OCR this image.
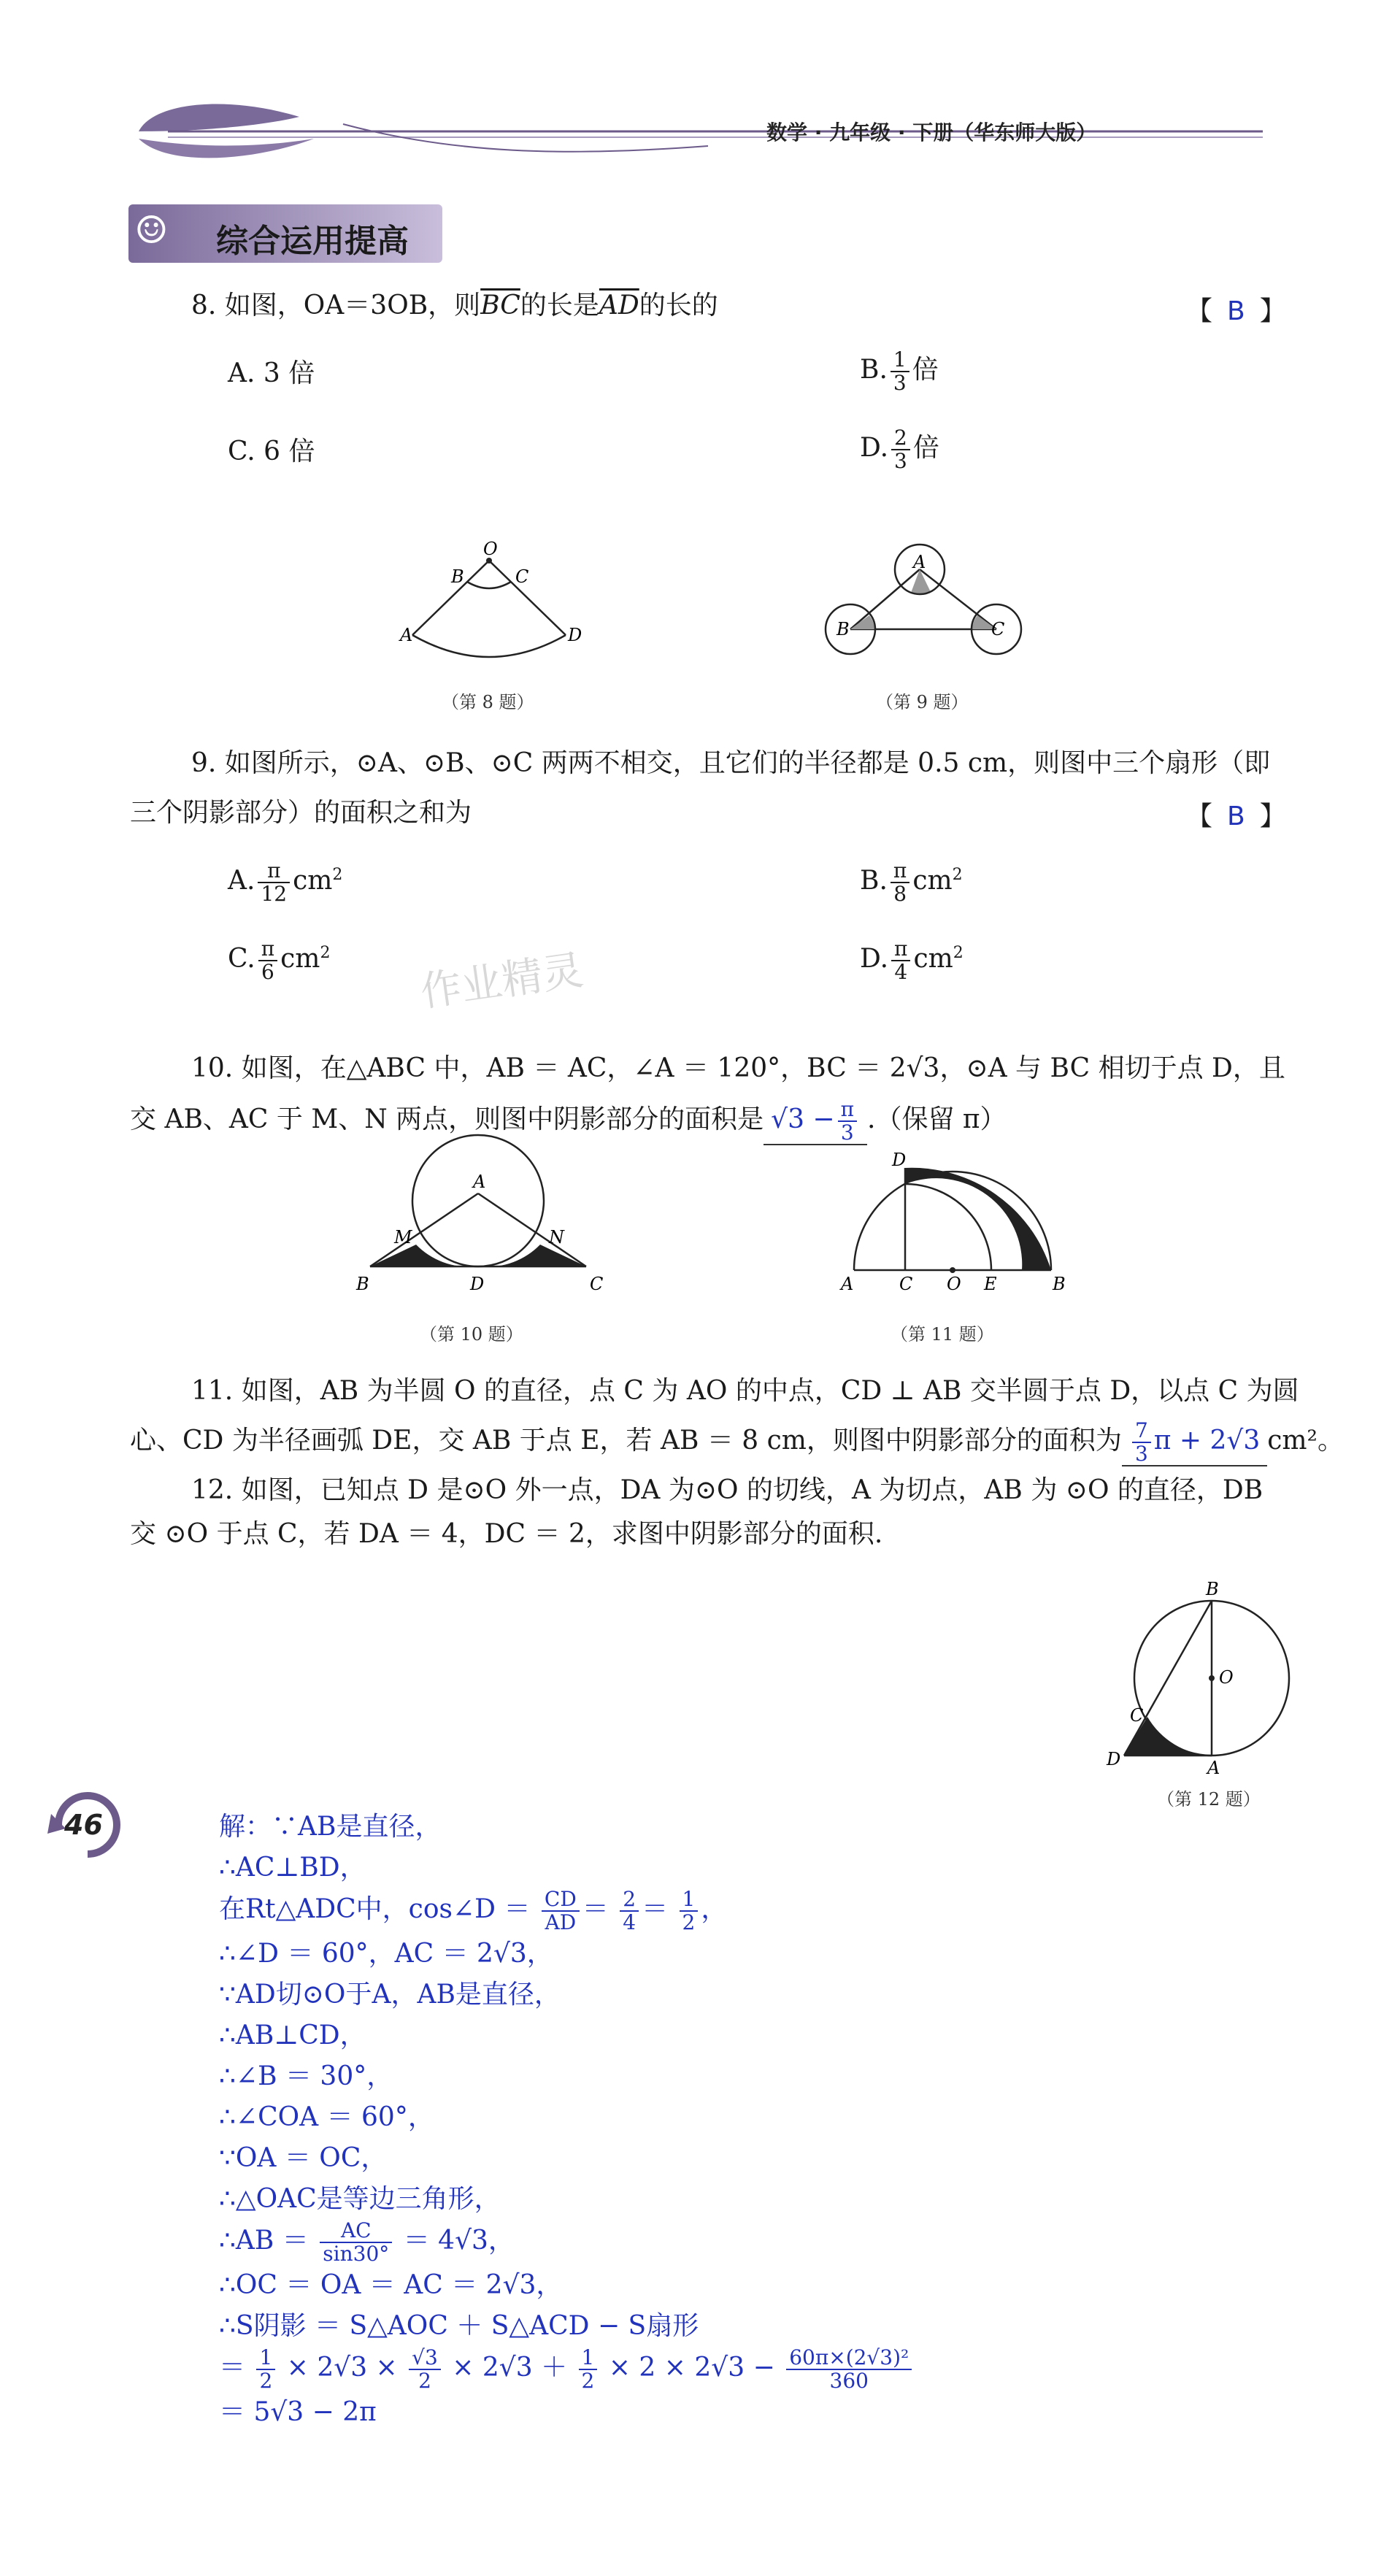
数学 · 九年级 · 下册（华东师大版）
☺ 综合运用提高
8. 如图，OA＝3OB，则$\overline{BC}$的长是$\overline{AD}$的长的	【 B 】
A. 3 倍	B. $\frac{1}{3}$ 倍
C. 6 倍	D. $\frac{2}{3}$ 倍
O
B	C
A	D
（第 8 题）
A
B	C
（第 9 题）
9. 如图所示，⊙A、⊙B、⊙C 两两不相交，且它们的半径都是 0.5 cm，则图中三个扇形（即
三个阴影部分）的面积之和为	【 B 】
A. $\frac{\pi}{12} cm^2$	B. $\frac{\pi}{8} cm^2$
C. $\frac{\pi}{6} cm^2$	D. $\frac{\pi}{4} cm^2$
作业精灵
10. 如图，在△ABC 中，AB ＝ AC，∠A ＝ 120°，BC ＝ 2√3，⊙A 与 BC 相切于点 D，且
交 AB、AC 于 M、N 两点，则图中阴影部分的面积是 $√3 - \frac{\pi}{3}$ .（保留 π）
A
M	N
B	D	C
（第 10 题）
D
A	C O E	B
（第 11 题）
11. 如图，AB 为半圆 O 的直径，点 C 为 AO 的中点，CD ⊥ AB 交半圆于点 D，以点 C 为圆
心、CD 为半径画弧 DE，交 AB 于点 E，若 AB ＝ 8 cm，则图中阴影部分的面积为 $\frac{7}{3}$ π + 2√3 cm²。
12. 如图，已知点 D 是⊙O 外一点，DA 为⊙O 的切线，A 为切点，AB 为 ⊙O 的直径，DB
交 ⊙O 于点 C，若 DA ＝ 4，DC ＝ 2，求图中阴影部分的面积.
B
O
C
D	A
（第 12 题）
46	解：∵AB是直径，
∴AC⊥BD，
在Rt△ADC中，cos∠D ＝ $\frac{CD}{AD} = \frac{2}{4} = \frac{1}{2}$ ，
∴∠D ＝ 60°，AC ＝ 2√3，
∵AD切⊙O于A，AB是直径，
∴AB⊥CD，
∴∠B ＝ 30°，
∴∠COA ＝ 60°，
∵OA ＝ OC，
∴△OAC是等边三角形，
∴AB ＝ $\frac{AC}{\sin 30^\circ} = 4√3$，
∴OC ＝ OA ＝ AC ＝ 2√3，
∴S阴影 ＝ S△AOC ＋ S△ACD − S扇形
＝ $\frac{1}{2} \times 2√3 \times \frac{√3}{2} \times 2√3 + \frac{1}{2} \times 2 \times 2√3 - \frac{\text{60π×(2√3)²}}{360}$
＝ 5√3 − 2π
